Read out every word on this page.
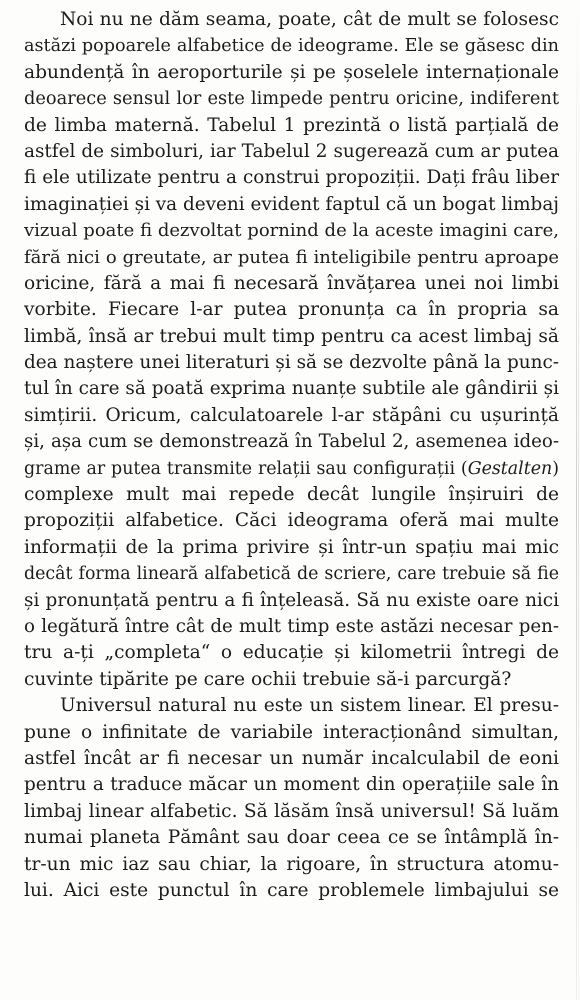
Noi nu ne dăm seama, poate, cât de mult se folosesc
astăzi popoarele alfabetice de ideograme. Ele se găsesc din
abundență în aeroporturile și pe șoselele internaționale
deoarece sensul lor este limpede pentru oricine, indiferent
de limba maternă. Tabelul 1 prezintă o listă parțială de
astfel de simboluri, iar Tabelul 2 sugerează cum ar putea
fi ele utilizate pentru a construi propoziții. Dați frâu liber
imaginației și va deveni evident faptul că un bogat limbaj
vizual poate fi dezvoltat pornind de la aceste imagini care,
fără nici o greutate, ar putea fi inteligibile pentru aproape
oricine, fără a mai fi necesară învățarea unei noi limbi
vorbite. Fiecare l-ar putea pronunța ca în propria sa
limbă, însă ar trebui mult timp pentru ca acest limbaj să
dea naștere unei literaturi și să se dezvolte până la punc-
tul în care să poată exprima nuanțe subtile ale gândirii și
simțirii. Oricum, calculatoarele l-ar stăpâni cu ușurință
și, așa cum se demonstrează în Tabelul 2, asemenea ideo-
grame ar putea transmite relații sau configurații (Gestalten)
complexe mult mai repede decât lungile înșiruiri de
propoziții alfabetice. Căci ideograma oferă mai multe
informații de la prima privire și într-un spațiu mai mic
decât forma lineară alfabetică de scriere, care trebuie să fie
și pronunțată pentru a fi înțeleasă. Să nu existe oare nici
o legătură între cât de mult timp este astăzi necesar pen-
tru a-ți „completa“ o educație și kilometrii întregi de
cuvinte tipărite pe care ochii trebuie să-i parcurgă?
Universul natural nu este un sistem linear. El presu-
pune o infinitate de variabile interacționând simultan,
astfel încât ar fi necesar un număr incalculabil de eoni
pentru a traduce măcar un moment din operațiile sale în
limbaj linear alfabetic. Să lăsăm însă universul! Să luăm
numai planeta Pământ sau doar ceea ce se întâmplă în-
tr-un mic iaz sau chiar, la rigoare, în structura atomu-
lui. Aici este punctul în care problemele limbajului se
